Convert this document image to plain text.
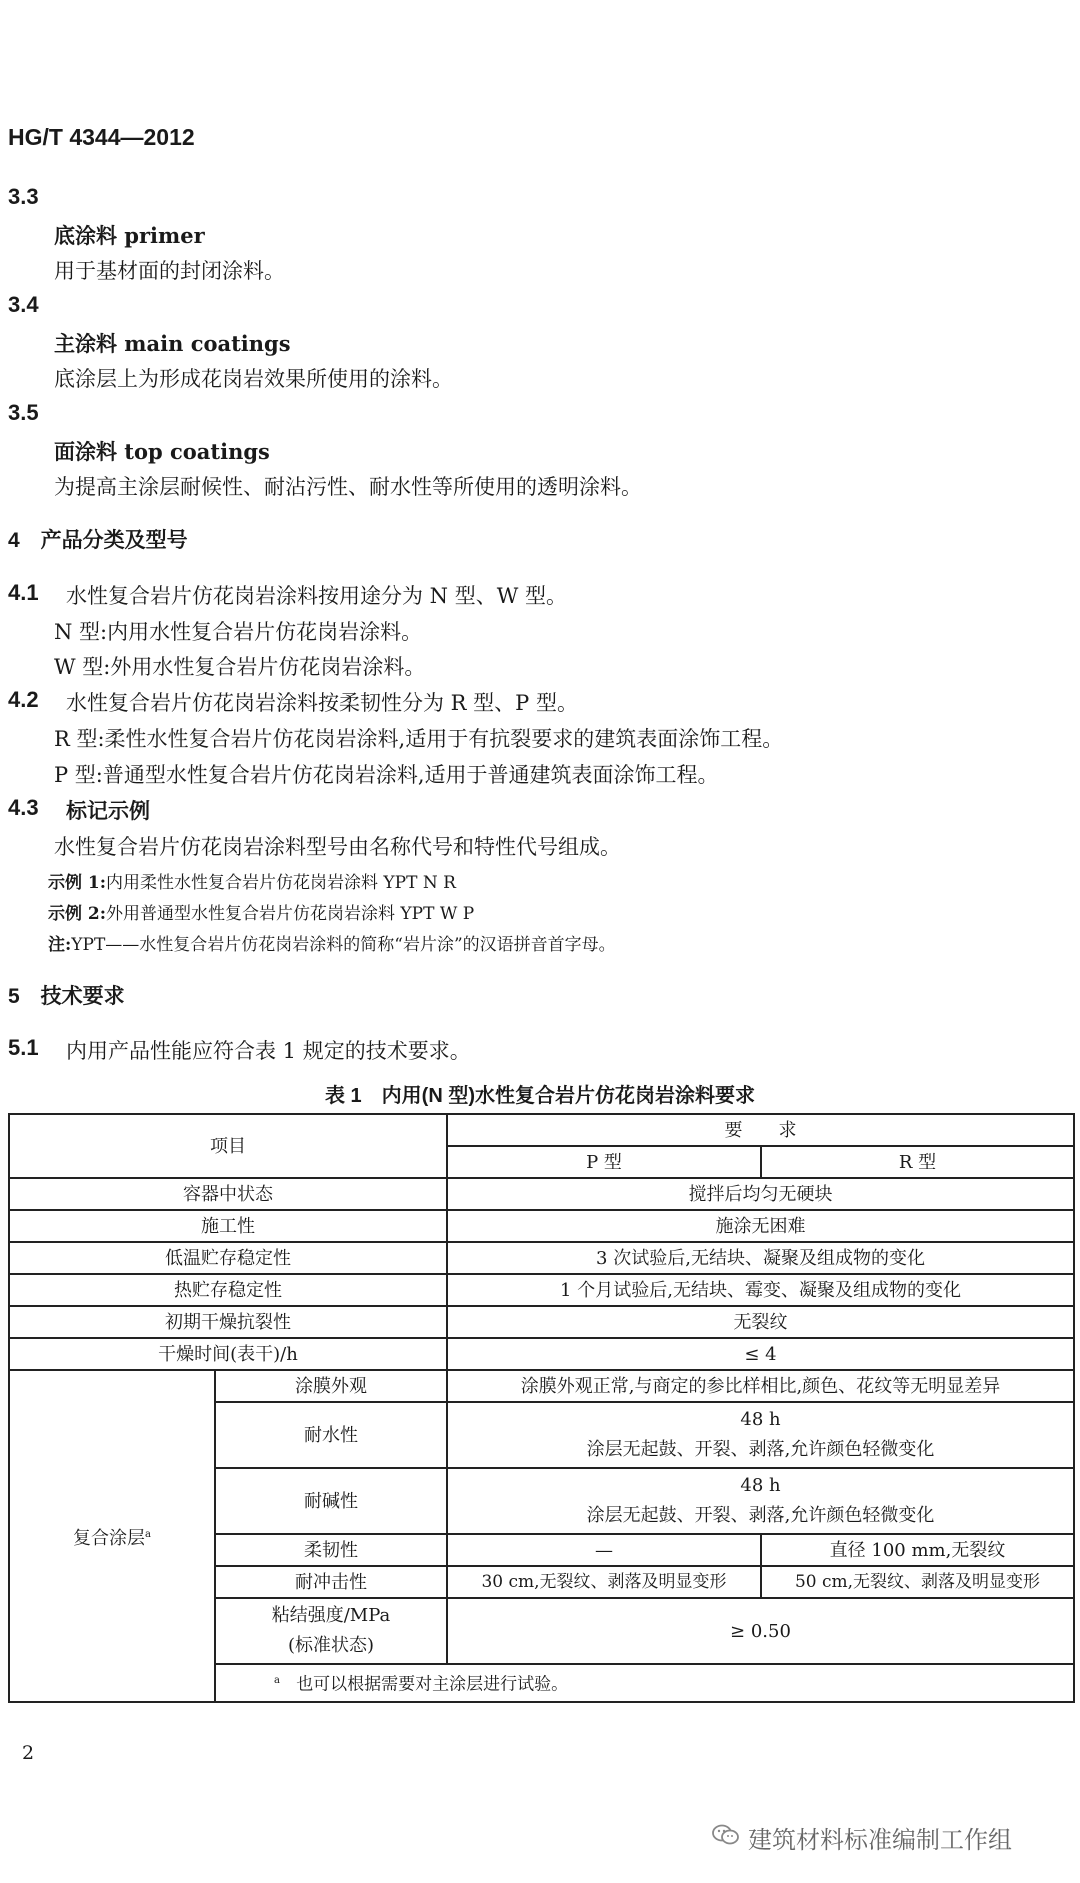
HG/T 4344—2012
3.3
底涂料 primer
用于基材面的封闭涂料。
3.4
主涂料 main coatings
底涂层上为形成花岗岩效果所使用的涂料。
3.5
面涂料 top coatings
为提高主涂层耐候性、耐沾污性、耐水性等所使用的透明涂料。
4　产品分类及型号
4.1 水性复合岩片仿花岗岩涂料按用途分为 N 型、W 型。
N 型:内用水性复合岩片仿花岗岩涂料。
W 型:外用水性复合岩片仿花岗岩涂料。
4.2 水性复合岩片仿花岗岩涂料按柔韧性分为 R 型、P 型。
R 型:柔性水性复合岩片仿花岗岩涂料,适用于有抗裂要求的建筑表面涂饰工程。
P 型:普通型水性复合岩片仿花岗岩涂料,适用于普通建筑表面涂饰工程。
4.3 标记示例
水性复合岩片仿花岗岩涂料型号由名称代号和特性代号组成。
示例 1:内用柔性水性复合岩片仿花岗岩涂料 YPT N R
示例 2:外用普通型水性复合岩片仿花岗岩涂料 YPT W P
注:YPT——水性复合岩片仿花岗岩涂料的简称“岩片涂”的汉语拼音首字母。
5　技术要求
5.1 内用产品性能应符合表 1 规定的技术要求。
表 1　内用(N 型)水性复合岩片仿花岗岩涂料要求
项目		要　　求	
		P 型	R 型
容器中状态		搅拌后均匀无硬块	
施工性		施涂无困难	
低温贮存稳定性		3 次试验后,无结块、凝聚及组成物的变化	
热贮存稳定性		1 个月试验后,无结块、霉变、凝聚及组成物的变化	
初期干燥抗裂性		无裂纹	
干燥时间(表干)/h		≤ 4	
复合涂层$^a$	涂膜外观	涂膜外观正常,与商定的参比样相比,颜色、花纹等无明显差异	
	耐水性	48 h
涂层无起鼓、开裂、剥落,允许颜色轻微变化	

	耐碱性	48 h
涂层无起鼓、开裂、剥落,允许颜色轻微变化	

	柔韧性	—	直径 100 mm,无裂纹
	耐冲击性	30 cm,无裂纹、剥落及明显变形	50 cm,无裂纹、剥落及明显变形

	粘结强度/MPa
(标准状态)	≥ 0.50	
	$^a$ 也可以根据需要对主涂层进行试验。		
2
建筑材料标准编制工作组
